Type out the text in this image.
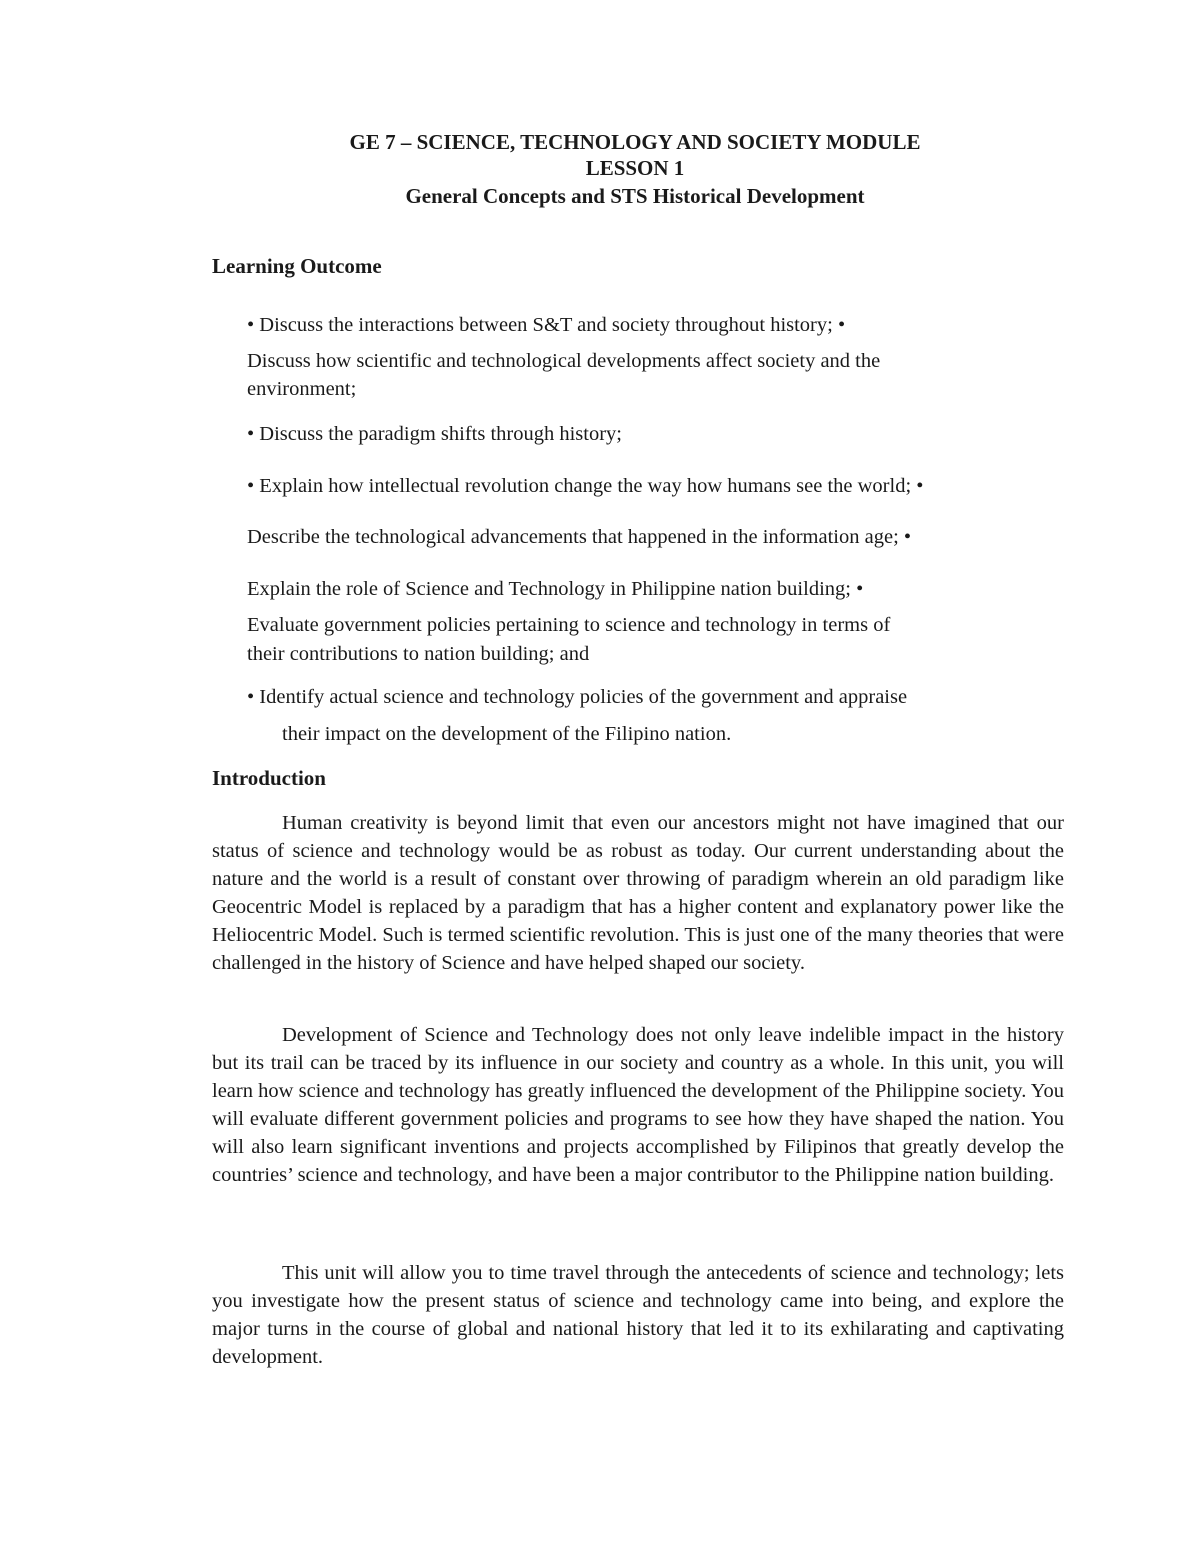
GE 7 – SCIENCE, TECHNOLOGY AND SOCIETY MODULE
LESSON 1
General Concepts and STS Historical Development
Learning Outcome
• Discuss the interactions between S&T and society throughout history; •
Discuss how scientific and technological developments affect society and the
environment;
• Discuss the paradigm shifts through history;
• Explain how intellectual revolution change the way how humans see the world; •
Describe the technological advancements that happened in the information age; •
Explain the role of Science and Technology in Philippine nation building; •
Evaluate government policies pertaining to science and technology in terms of
their contributions to nation building; and
• Identify actual science and technology policies of the government and appraise
their impact on the development of the Filipino nation.
Introduction

Human creativity is beyond limit that even our ancestors might not have imagined that our status of science and technology would be as robust as today. Our current understanding about the nature and the world is a result of constant over throwing of paradigm wherein an old paradigm like Geocentric Model is replaced by a paradigm that has a higher content and explanatory power like the Heliocentric Model. Such is termed scientific revolution. This is just one of the many theories that were challenged in the history of Science and have helped shaped our society.

Development of Science and Technology does not only leave indelible impact in the history but its trail can be traced by its influence in our society and country as a whole. In this unit, you will learn how science and technology has greatly influenced the development of the Philippine society. You will evaluate different government policies and programs to see how they have shaped the nation. You will also learn significant inventions and projects accomplished by Filipinos that greatly develop the countries’ science and technology, and have been a major contributor to the Philippine nation building.

This unit will allow you to time travel through the antecedents of science and technology; lets you investigate how the present status of science and technology came into being, and explore the major turns in the course of global and national history that led it to its exhilarating and captivating development.
